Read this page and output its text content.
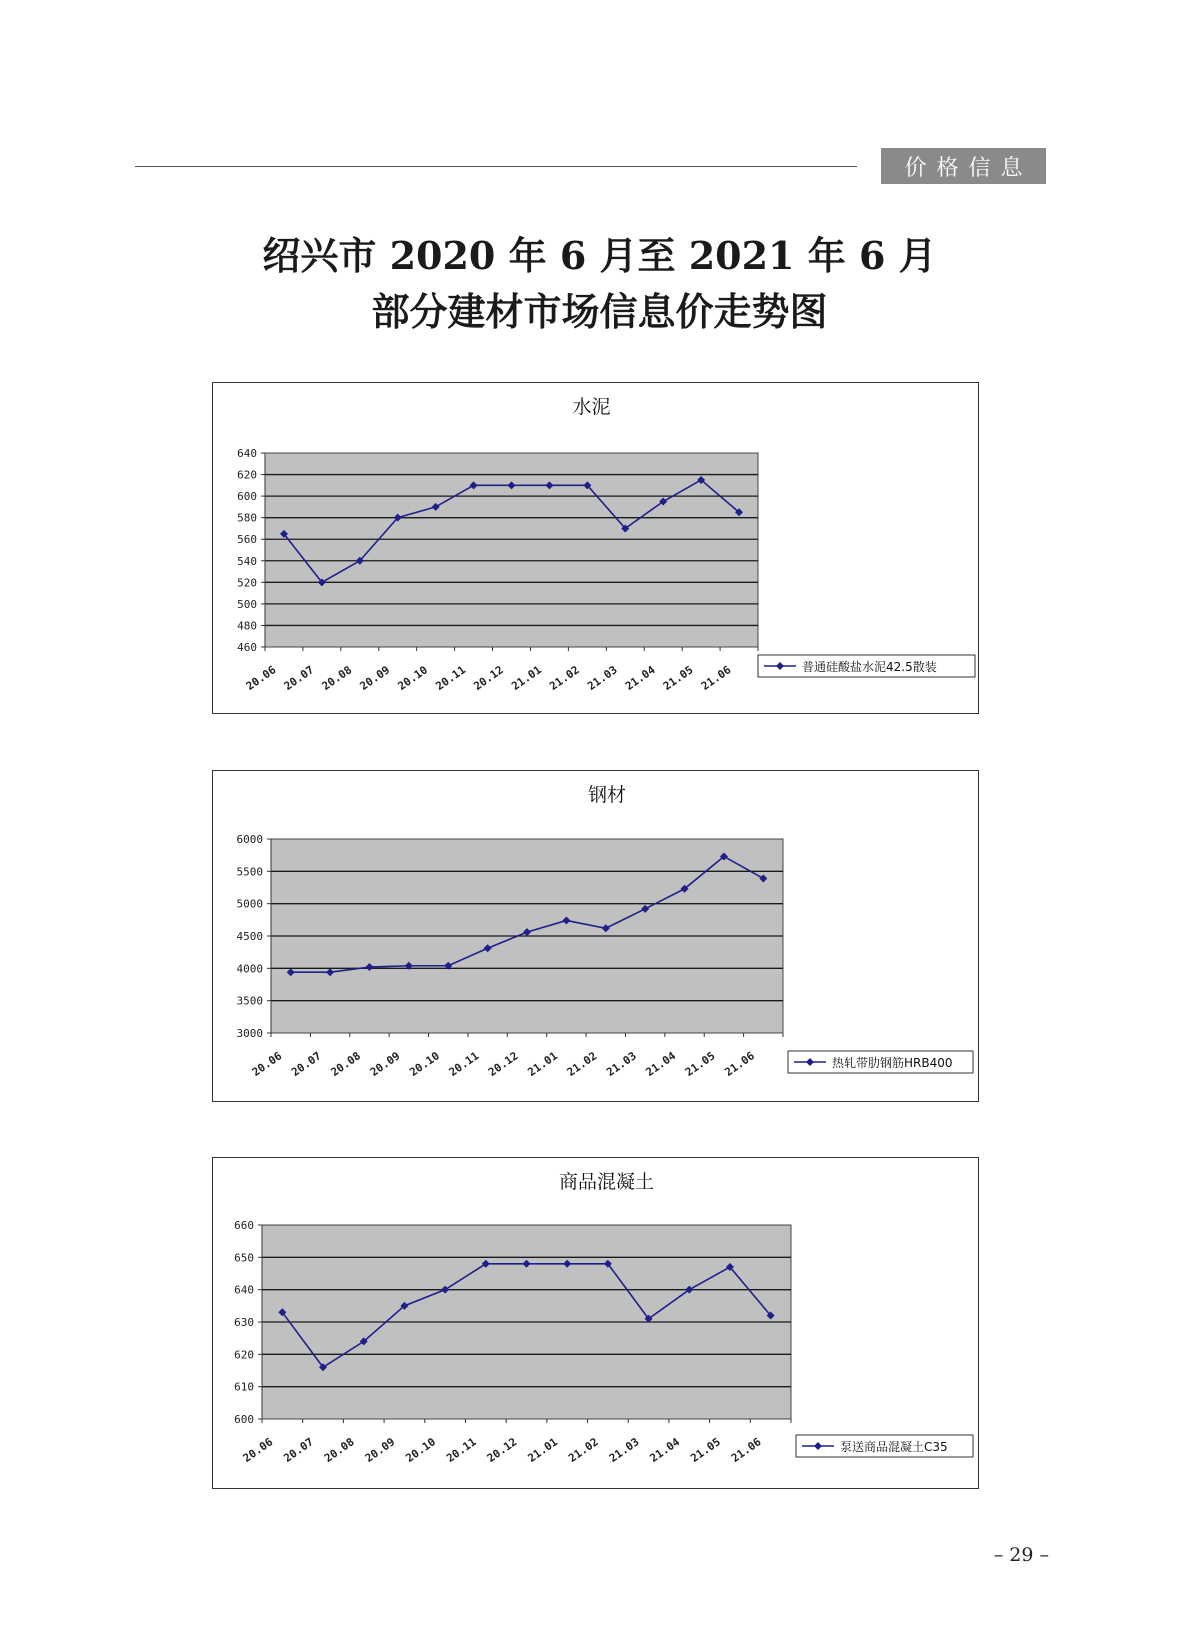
价格信息
绍兴市 2020 年 6 月至 2021 年 6 月
部分建材市场信息价走势图
水泥
640
620
600
580
560
540
520
500
480
460
20.06 20.07 20.08 20.09 20.10 20.11 20.12 21.01 21.02 21.03 21.04 21.05 21.06	普通硅酸盐水泥42.5散装
钢材
6000
5500
5000
4500
4000
3500
3000
20.06 20.07 20.08 20.09 20.10 20.11 20.12 21.01 21.02 21.03 21.04 21.05 21.06	热轧带肋钢筋HRB400
商品混凝土
660
650
640
630
620
610
600
20.06 20.07 20.08 20.09 20.10 20.11 20.12 21.01 21.02 21.03 21.04 21.05 21.06	泵送商品混凝土C35
– 29 –
